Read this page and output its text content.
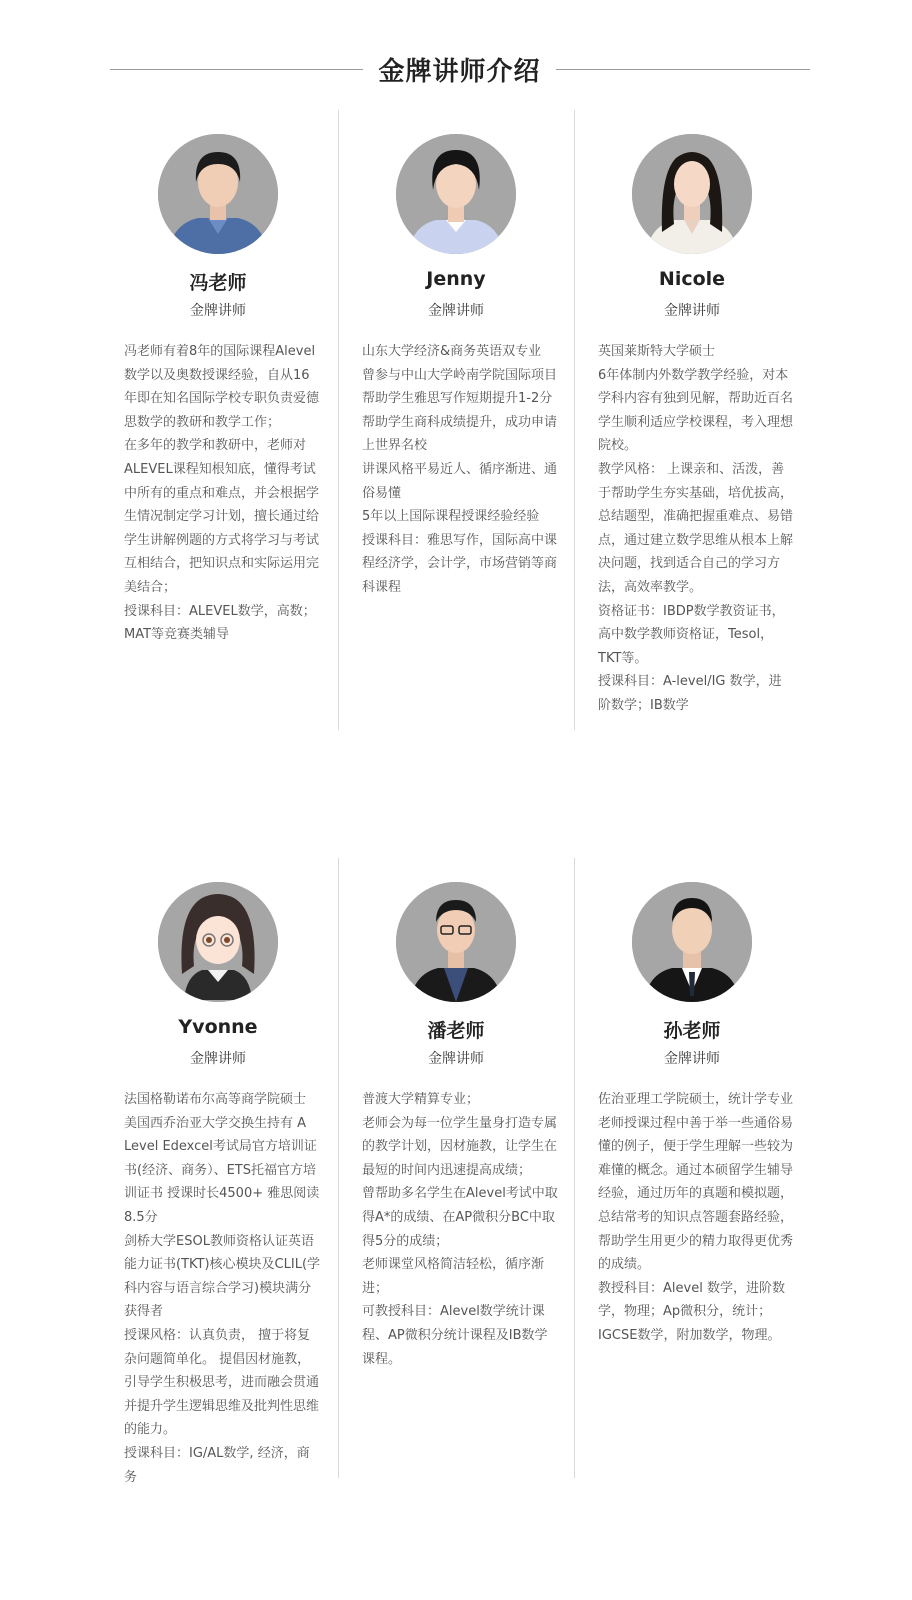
金牌讲师介绍
冯老师
金牌讲师

冯老师有着8年的国际课程Alevel数学以及奥数授课经验，自从16年即在知名国际学校专职负责爱德思数学的教研和教学工作；

在多年的教学和教研中，老师对ALEVEL课程知根知底，懂得考试中所有的重点和难点，并会根据学生情况制定学习计划，擅长通过给学生讲解例题的方式将学习与考试互相结合，把知识点和实际运用完美结合；

授课科目：ALEVEL数学，高数；MAT等竞赛类辅导

Jenny
金牌讲师

山东大学经济&商务英语双专业

曾参与中山大学岭南学院国际项目

帮助学生雅思写作短期提升1-2分

帮助学生商科成绩提升，成功申请上世界名校

讲课风格平易近人、循序渐进、通俗易懂

5年以上国际课程授课经验经验

授课科目：雅思写作，国际高中课程经济学，会计学，市场营销等商科课程

Nicole
金牌讲师

英国莱斯特大学硕士

6年体制内外数学教学经验，对本学科内容有独到见解，帮助近百名学生顺利适应学校课程，考入理想院校。

教学风格： 上课亲和、活泼，善于帮助学生夯实基础，培优拔高，总结题型，准确把握重难点、易错点，通过建立数学思维从根本上解决问题，找到适合自己的学习方法，高效率教学。

资格证书：IBDP数学教资证书，高中数学教师资格证，Tesol，TKT等。

授课科目：A-level/IG 数学，进阶数学；IB数学

Yvonne
金牌讲师

法国格勒诺布尔高等商学院硕士 美国西乔治亚大学交换生持有 A Level Edexcel考试局官方培训证书(经济、商务）、ETS托福官方培训证书 授课时长4500+ 雅思阅读8.5分

剑桥大学ESOL教师资格认证英语能力证书(TKT)核心模块及CLIL(学科内容与语言综合学习)模块满分获得者

授课风格：认真负责， 擅于将复杂问题简单化。 提倡因材施教，引导学生积极思考，进而融会贯通并提升学生逻辑思维及批判性思维的能力。

授课科目：IG/AL数学, 经济，商务

潘老师
金牌讲师

普渡大学精算专业；

老师会为每一位学生量身打造专属的教学计划，因材施教，让学生在最短的时间内迅速提高成绩；

曾帮助多名学生在Alevel考试中取得A*的成绩、在AP微积分BC中取得5分的成绩；

老师课堂风格简洁轻松，循序渐进；

可教授科目：Alevel数学统计课程、AP微积分统计课程及IB数学课程。

孙老师
金牌讲师

佐治亚理工学院硕士，统计学专业

老师授课过程中善于举一些通俗易懂的例子，便于学生理解一些较为难懂的概念。通过本硕留学生辅导经验，通过历年的真题和模拟题，总结常考的知识点答题套路经验，帮助学生用更少的精力取得更优秀的成绩。

教授科目：Alevel 数学，进阶数学，物理；Ap微积分，统计；IGCSE数学，附加数学，物理。
